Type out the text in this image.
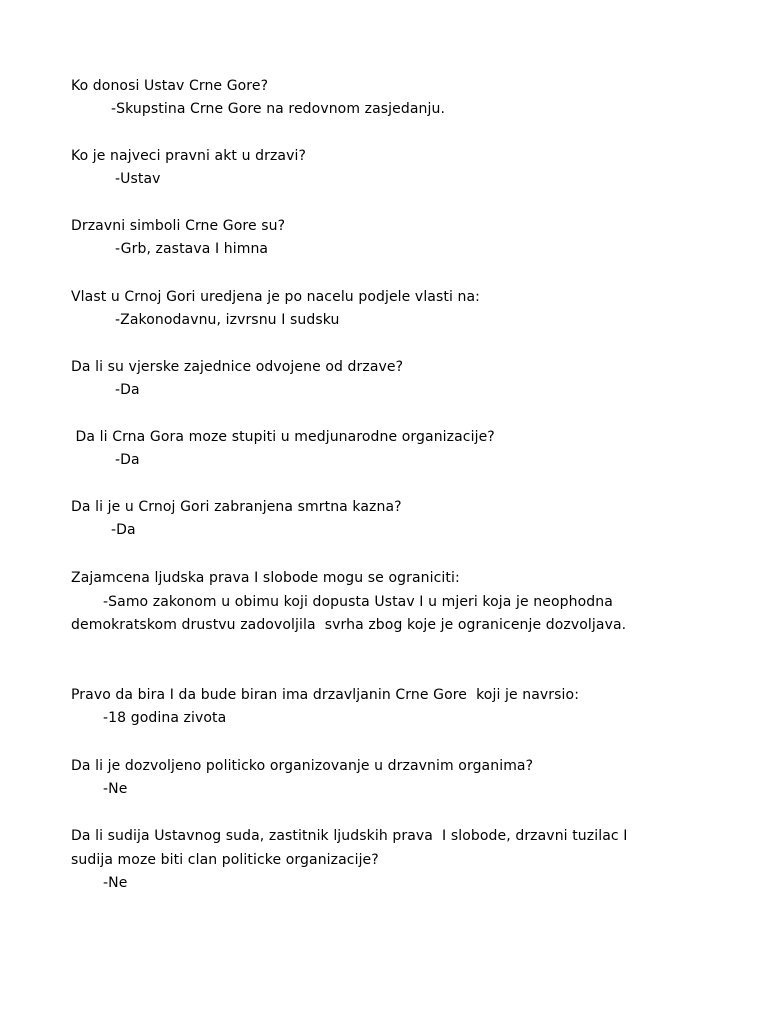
Ko donosi Ustav Crne Gore?
-Skupstina Crne Gore na redovnom zasjedanju.
Ko je najveci pravni akt u drzavi?
-Ustav
Drzavni simboli Crne Gore su?
-Grb, zastava I himna
Vlast u Crnoj Gori uredjena je po nacelu podjele vlasti na:
-Zakonodavnu, izvrsnu I sudsku
Da li su vjerske zajednice odvojene od drzave?
-Da
Da li Crna Gora moze stupiti u medjunarodne organizacije?
-Da
Da li je u Crnoj Gori zabranjena smrtna kazna?
-Da
Zajamcena ljudska prava I slobode mogu se ograniciti:
-Samo zakonom u obimu koji dopusta Ustav I u mjeri koja je neophodna
demokratskom drustvu zadovoljila  svrha zbog koje je ogranicenje dozvoljava.
Pravo da bira I da bude biran ima drzavljanin Crne Gore  koji je navrsio:
-18 godina zivota
Da li je dozvoljeno politicko organizovanje u drzavnim organima?
-Ne
Da li sudija Ustavnog suda, zastitnik ljudskih prava  I slobode, drzavni tuzilac I
sudija moze biti clan politicke organizacije?
-Ne
